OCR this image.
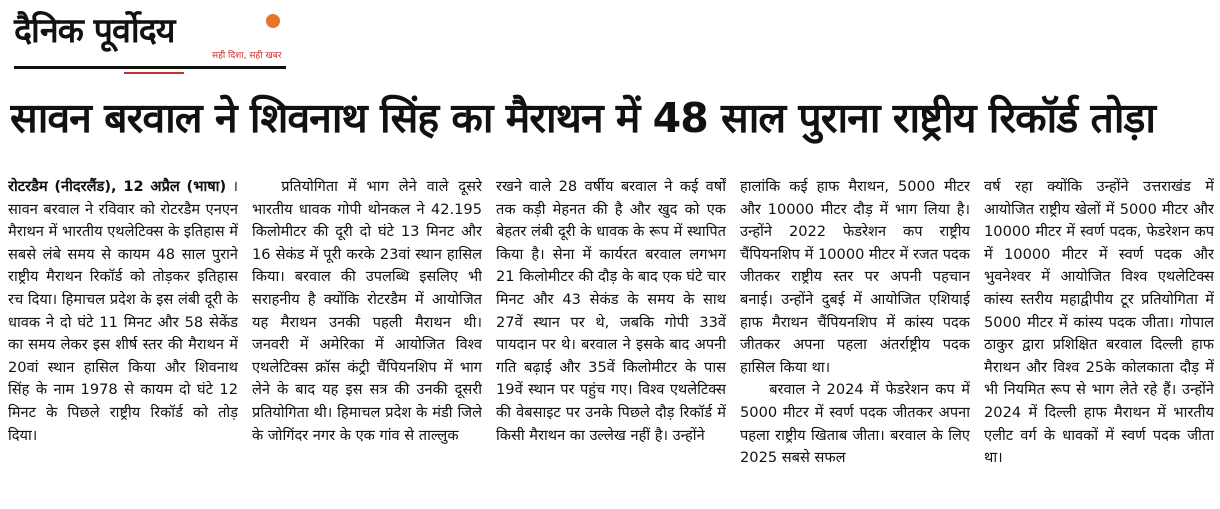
दैनिक पूर्वोदय
सही दिशा, सही खबर
सावन बरवाल ने शिवनाथ सिंह का मैराथन में 48 साल पुराना राष्ट्रीय रिकॉर्ड तोड़ा
रोटरडैम (नीदरलैंड), 12 अप्रैल (भाषा) । सावन बरवाल ने रविवार को रोटरडैम एनएन मैराथन में भारतीय एथलेटिक्स के इतिहास में सबसे लंबे समय से कायम 48 साल पुराने राष्ट्रीय मैराथन रिकॉर्ड को तोड़कर इतिहास रच दिया। हिमाचल प्रदेश के इस लंबी दूरी के धावक ने दो घंटे 11 मिनट और 58 सेकेंड का समय लेकर इस शीर्ष स्तर की मैराथन में 20वां स्थान हासिल किया और शिवनाथ सिंह के नाम 1978 से कायम दो घंटे 12 मिनट के पिछले राष्ट्रीय रिकॉर्ड को तोड़ दिया।

प्रतियोगिता में भाग लेने वाले दूसरे भारतीय धावक गोपी थोनकल ने 42.195 किलोमीटर की दूरी दो घंटे 13 मिनट और 16 सेकंड में पूरी करके 23वां स्थान हासिल किया। बरवाल की उपलब्धि इसलिए भी सराहनीय है क्योंकि रोटरडैम में आयोजित यह मैराथन उनकी पहली मैराथन थी। जनवरी में अमेरिका में आयोजित विश्व एथलेटिक्स क्रॉस कंट्री चैंपियनशिप में भाग लेने के बाद यह इस सत्र की उनकी दूसरी प्रतियोगिता थी। हिमाचल प्रदेश के मंडी जिले के जोगिंदर नगर के एक गांव से ताल्लुक

रखने वाले 28 वर्षीय बरवाल ने कई वर्षों तक कड़ी मेहनत की है और खुद को एक बेहतर लंबी दूरी के धावक के रूप में स्थापित किया है। सेना में कार्यरत बरवाल लगभग 21 किलोमीटर की दौड़ के बाद एक घंटे चार मिनट और 43 सेकंड के समय के साथ 27वें स्थान पर थे, जबकि गोपी 33वें पायदान पर थे। बरवाल ने इसके बाद अपनी गति बढ़ाई और 35वें किलोमीटर के पास 19वें स्थान पर पहुंच गए। विश्व एथलेटिक्स की वेबसाइट पर उनके पिछले दौड़ रिकॉर्ड में किसी मैराथन का उल्लेख नहीं है। उन्होंने
हालांकि कई हाफ मैराथन, 5000 मीटर और 10000 मीटर दौड़ में भाग लिया है। उन्होंने 2022 फेडरेशन कप राष्ट्रीय चैंपियनशिप में 10000 मीटर में रजत पदक जीतकर राष्ट्रीय स्तर पर अपनी पहचान बनाई। उन्होंने दुबई में आयोजित एशियाई हाफ मैराथन चैंपियनशिप में कांस्य पदक जीतकर अपना पहला अंतर्राष्ट्रीय पदक हासिल किया था।

बरवाल ने 2024 में फेडरेशन कप में 5000 मीटर में स्वर्ण पदक जीतकर अपना पहला राष्ट्रीय खिताब जीता। बरवाल के लिए 2025 सबसे सफल

वर्ष रहा क्योंकि उन्होंने उत्तराखंड में आयोजित राष्ट्रीय खेलों में 5000 मीटर और 10000 मीटर में स्वर्ण पदक, फेडरेशन कप में 10000 मीटर में स्वर्ण पदक और भुवनेश्वर में आयोजित विश्व एथलेटिक्स कांस्य स्तरीय महाद्वीपीय टूर प्रतियोगिता में 5000 मीटर में कांस्य पदक जीता। गोपाल ठाकुर द्वारा प्रशिक्षित बरवाल दिल्ली हाफ मैराथन और विश्व 25के कोलकाता दौड़ में भी नियमित रूप से भाग लेते रहे हैं। उन्होंने 2024 में दिल्ली हाफ मैराथन में भारतीय एलीट वर्ग के धावकों में स्वर्ण पदक जीता था।
